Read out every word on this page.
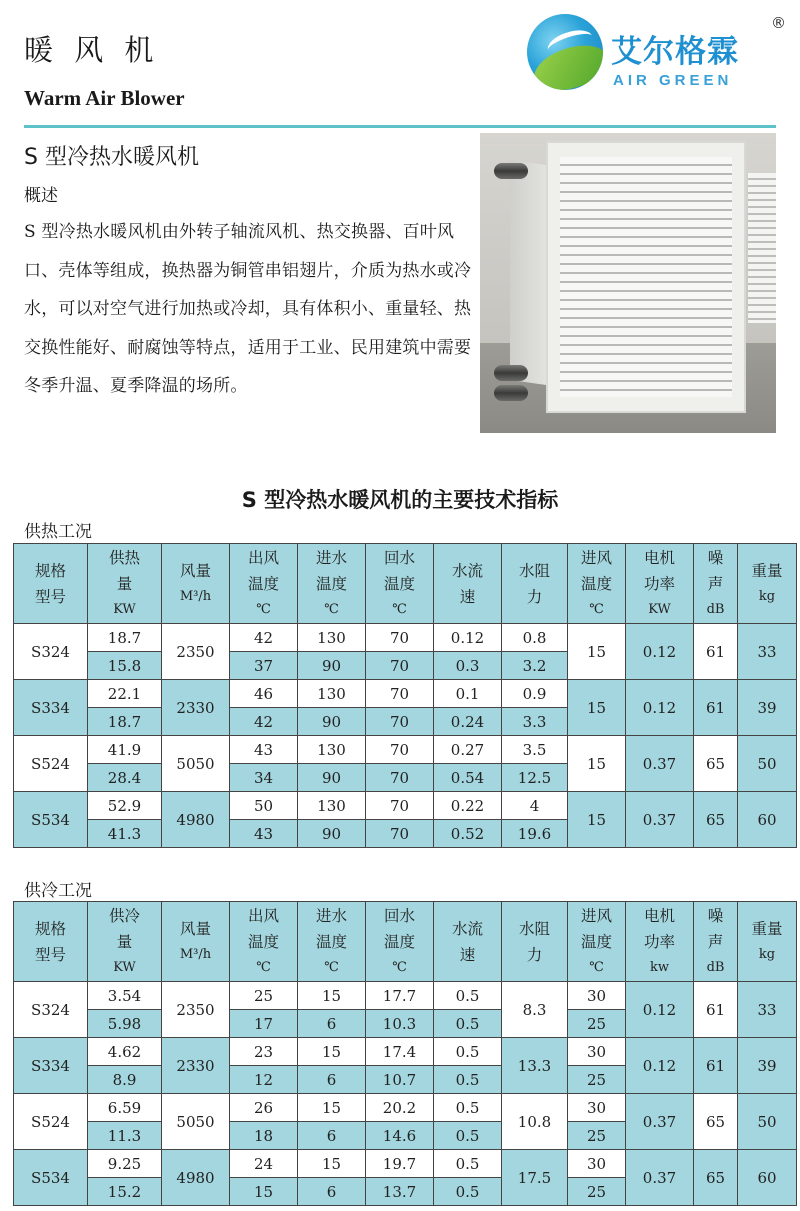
暖 风 机
Warm Air Blower
艾尔格霖
AIR GREEN
®
S 型冷热水暖风机
概述
S 型冷热水暖风机由外转子轴流风机、热交换器、百叶风口、壳体等组成，换热器为铜管串铝翅片，介质为热水或冷水，可以对空气进行加热或冷却，具有体积小、重量轻、热交换性能好、耐腐蚀等特点，适用于工业、民用建筑中需要冬季升温、夏季降温的场所。
S 型冷热水暖风机的主要技术指标
供热工况
规格
型号	供热
量
KW	风量
M³/h	出风
温度
℃	进水
温度
℃	回水
温度
℃	水流
速	水阻
力	进风
温度
℃	电机
功率
KW	噪
声
dB	重量
kg

S324	18.7	2350	42	130	70	0.12	0.8	15	0.12	61	33
	15.8		37	90	70	0.3	3.2				
S334	22.1	2330	46	130	70	0.1	0.9	15	0.12	61	39
	18.7		42	90	70	0.24	3.3				
S524	41.9	5050	43	130	70	0.27	3.5	15	0.37	65	50
	28.4		34	90	70	0.54	12.5				
S534	52.9	4980	50	130	70	0.22	4	15	0.37	65	60
	41.3		43	90	70	0.52	19.6				
供冷工况
规格
型号	供冷
量
KW	风量
M³/h	出风
温度
℃	进水
温度
℃	回水
温度
℃	水流
速	水阻
力	进风
温度
℃	电机
功率
kw	噪
声
dB	重量
kg

S324	3.54	2350	25	15	17.7	0.5	8.3	30	0.12	61	33
	5.98		17	6	10.3	0.5		25			
S334	4.62	2330	23	15	17.4	0.5	13.3	30	0.12	61	39
	8.9		12	6	10.7	0.5		25			
S524	6.59	5050	26	15	20.2	0.5	10.8	30	0.37	65	50
	11.3		18	6	14.6	0.5		25			
S534	9.25	4980	24	15	19.7	0.5	17.5	30	0.37	65	60
	15.2		15	6	13.7	0.5		25			
